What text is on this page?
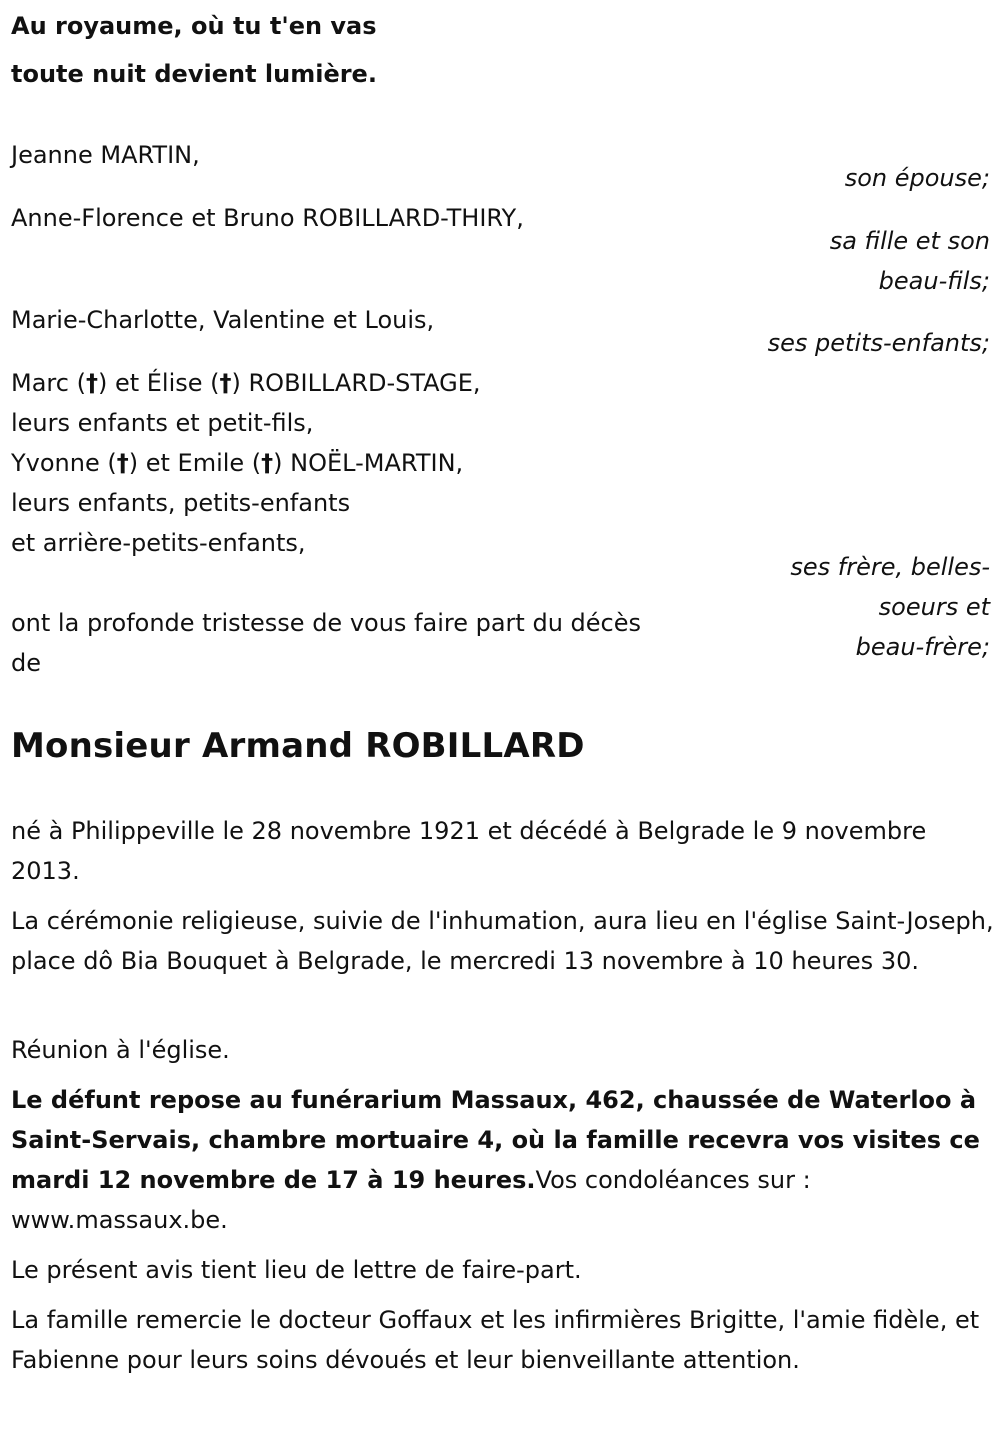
Au royaume, où tu t'en vas
toute nuit devient lumière.
Jeanne MARTIN,
son épouse;
Anne-Florence et Bruno ROBILLARD-THIRY,
sa fille et son
beau-fils;
Marie-Charlotte, Valentine et Louis,
ses petits-enfants;
Marc (†) et Élise (†) ROBILLARD-STAGE,
leurs enfants et petit-fils,
Yvonne (†) et Emile (†) NOËL-MARTIN,
leurs enfants, petits-enfants
et arrière-petits-enfants,
ses frère, belles-
soeurs et
beau-frère;
ont la profonde tristesse de vous faire part du décès
de
Monsieur Armand ROBILLARD
né à Philippeville le 28 novembre 1921 et décédé à Belgrade le 9 novembre 2013.
La cérémonie religieuse, suivie de l'inhumation, aura lieu en l'église Saint-Joseph, place dô Bia Bouquet à Belgrade, le mercredi 13 novembre à 10 heures 30.
Réunion à l'église.
Le défunt repose au funérarium Massaux, 462, chaussée de Waterloo à Saint-Servais, chambre mortuaire 4, où la famille recevra vos visites ce mardi 12 novembre de 17 à 19 heures.Vos condoléances sur : www.massaux.be.
Le présent avis tient lieu de lettre de faire-part.
La famille remercie le docteur Goffaux et les infirmières Brigitte, l'amie fidèle, et Fabienne pour leurs soins dévoués et leur bienveillante attention.
